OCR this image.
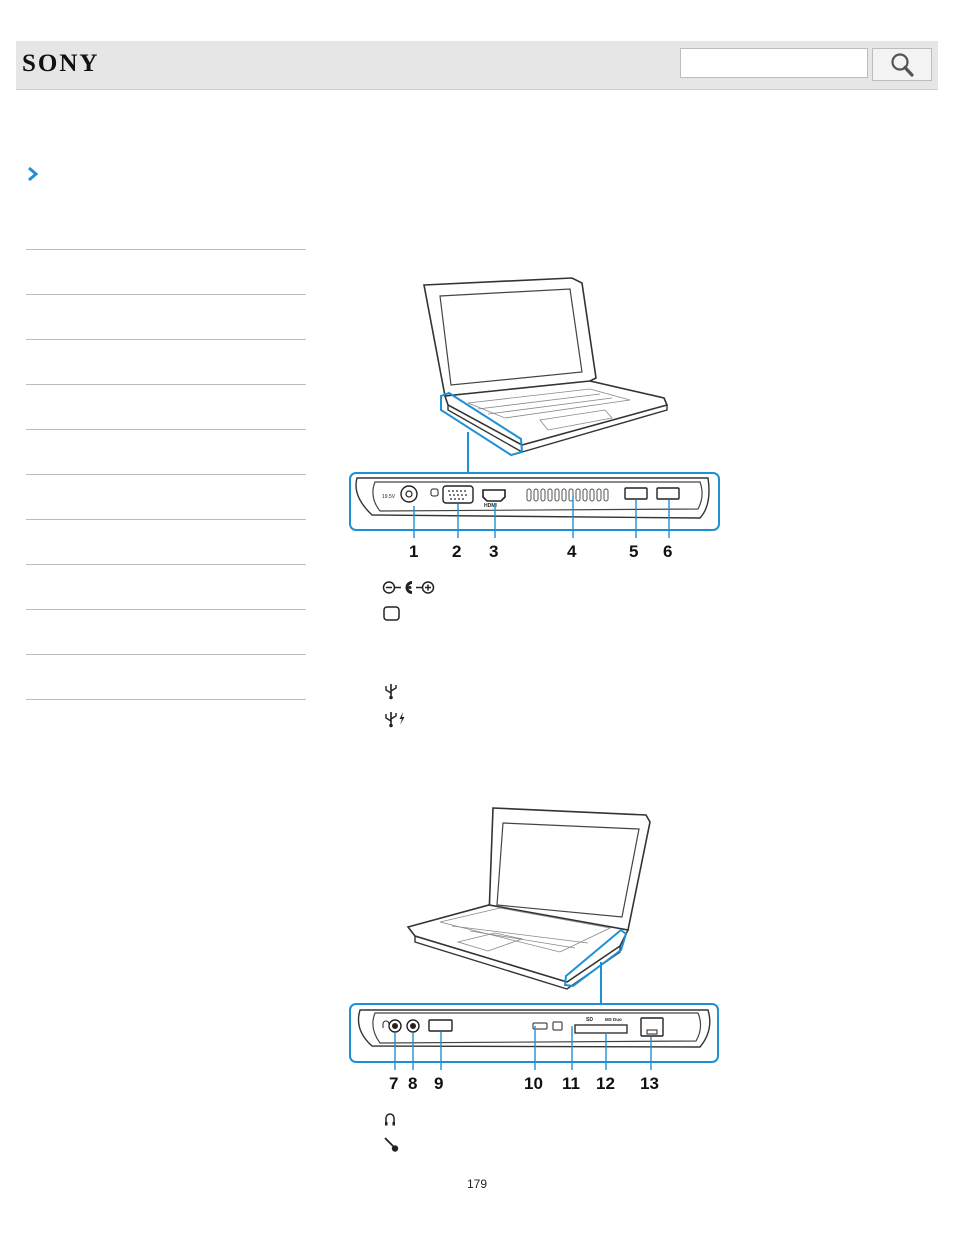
SONY
19.5V
HDMI
1 2 3	4	5 6
SD	MS Duo
7 8 9	10 11 12 13
179
